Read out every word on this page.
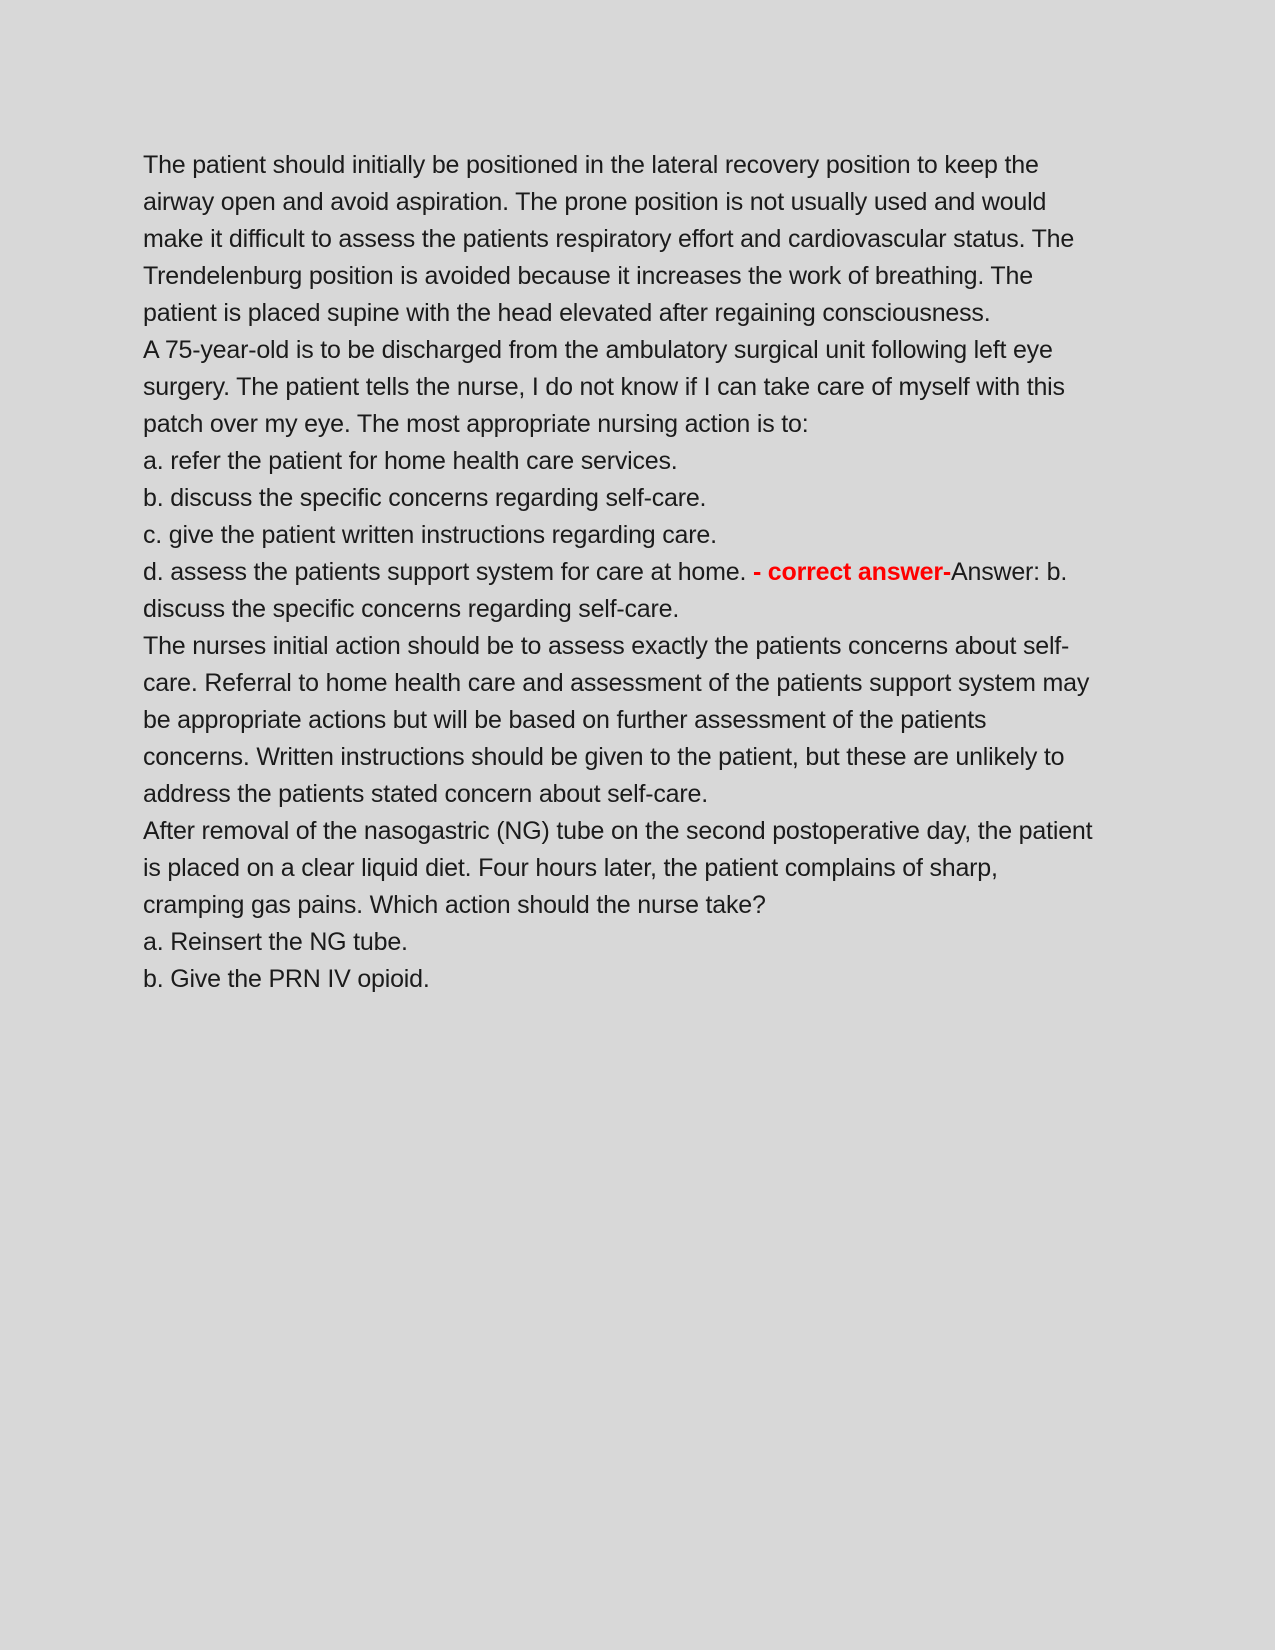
The patient should initially be positioned in the lateral recovery position to keep the airway open and avoid aspiration. The prone position is not usually used and would make it difficult to assess the patients respiratory effort and cardiovascular status. The Trendelenburg position is avoided because it increases the work of breathing. The patient is placed supine with the head elevated after regaining consciousness.

A 75-year-old is to be discharged from the ambulatory surgical unit following left eye surgery. The patient tells the nurse, I do not know if I can take care of myself with this patch over my eye. The most appropriate nursing action is to:

a. refer the patient for home health care services.

b. discuss the specific concerns regarding self-care.

c. give the patient written instructions regarding care.

d. assess the patients support system for care at home. - correct answer-Answer: b. discuss the specific concerns regarding self-care.

The nurses initial action should be to assess exactly the patients concerns about self-care. Referral to home health care and assessment of the patients support system may be appropriate actions but will be based on further assessment of the patients concerns. Written instructions should be given to the patient, but these are unlikely to address the patients stated concern about self-care.

After removal of the nasogastric (NG) tube on the second postoperative day, the patient is placed on a clear liquid diet. Four hours later, the patient complains of sharp, cramping gas pains. Which action should the nurse take?

a. Reinsert the NG tube.

b. Give the PRN IV opioid.
